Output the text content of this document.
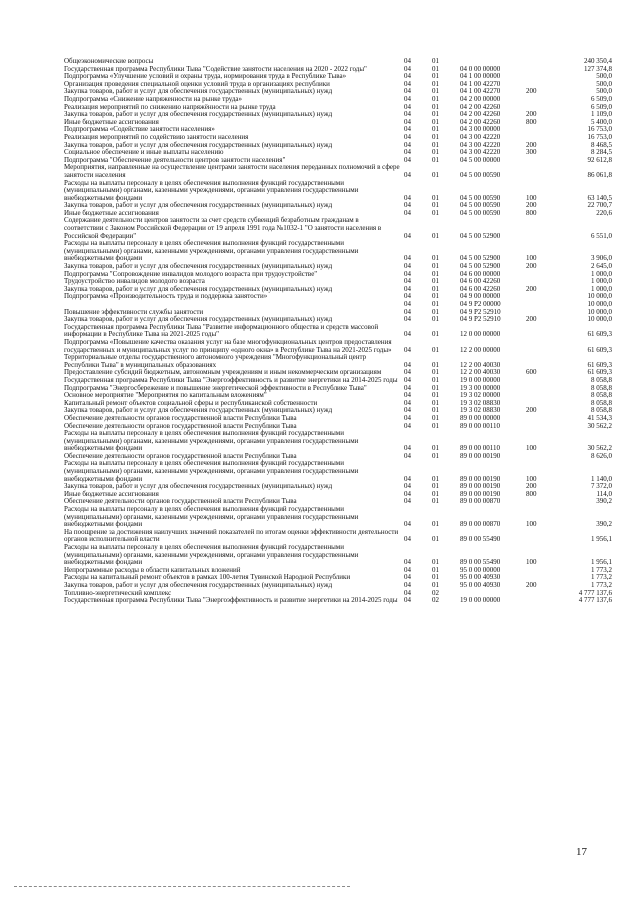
Общеэкономические вопросы	04	01	240 350,4
Государственная программа Республики Тыва "Содействие занятости населения на 2020 - 2022 годы"	04	01	04 0 00 00000	127 374,8
Подпрограмма «Улучшение условий и охраны труда, нормирования труда в Республике Тыва»	04	01	04 1 00 00000	500,0
Организация проведения специальной оценки условий труда в организациях республики	04	01	04 1 00 42270	500,0
Закупка товаров, работ и услуг для обеспечения государственных (муниципальных) нужд	04	01	04 1 00 42270	200	500,0
Подпрограмма «Снижение напряженности на рынке труда»	04	01	04 2 00 00000	6 509,0
Реализация мероприятий по снижению напряжённости на рынке труда	04	01	04 2 00 42260	6 509,0
Закупка товаров, работ и услуг для обеспечения государственных (муниципальных) нужд	04	01	04 2 00 42260	200	1 109,0
Иные бюджетные ассигнования	04	01	04 2 00 42260	800	5 400,0
Подпрограмма «Содействие занятости населения»	04	01	04 3 00 00000	16 753,0
Реализация мероприятий по содействию занятости населения	04	01	04 3 00 42220	16 753,0
Закупка товаров, работ и услуг для обеспечения государственных (муниципальных) нужд	04	01	04 3 00 42220	200	8 468,5
Социальное обеспечение и иные выплаты населению	04	01	04 3 00 42220	300	8 284,5
Подпрограмма "Обеспечение деятельности центров занятости населения"	04	01	04 5 00 00000	92 612,8
Мероприятия, направленные на осуществление центрами занятости населения переданных полномочий в сфере занятости населения	04	01	04 5 00 00590	86 061,8
Расходы на выплаты персоналу в целях обеспечения выполнения функций государственными (муниципальными) органами, казенными учреждениями, органами управления государственными внебюджетными фондами	04	01	04 5 00 00590	100	63 140,5
Закупка товаров, работ и услуг для обеспечения государственных (муниципальных) нужд	04	01	04 5 00 00590	200	22 700,7
Иные бюджетные ассигнования	04	01	04 5 00 00590	800	220,6
Содержание деятельности центров занятости за счет средств субвенций безработным гражданам в соответствии с Законом Российской Федерации от 19 апреля 1991 года №1032-1 "О занятости населения в Российской Федерации"	04	01	04 5 00 52900	6 551,0
Расходы на выплаты персоналу в целях обеспечения выполнения функций государственными (муниципальными) органами, казенными учреждениями, органами управления государственными внебюджетными фондами	04	01	04 5 00 52900	100	3 906,0
Закупка товаров, работ и услуг для обеспечения государственных (муниципальных) нужд	04	01	04 5 00 52900	200	2 645,0
Подпрограмма "Сопровождение инвалидов молодого возраста при трудоустройстве"	04	01	04 6 00 00000	1 000,0
Трудоустройство инвалидов молодого возраста	04	01	04 6 00 42260	1 000,0
Закупка товаров, работ и услуг для обеспечения государственных (муниципальных) нужд	04	01	04 6 00 42260	200	1 000,0
Подпрограмма «Производительность труда и поддержка занятости»	04	01	04 9 00 00000	10 000,0
04	01	04 9 P2 00000	10 000,0
Повышение эффективности службы занятости	04	01	04 9 P2 52910	10 000,0
Закупка товаров, работ и услуг для обеспечения государственных (муниципальных) нужд	04	01	04 9 P2 52910	200	10 000,0
Государственная программа Республики Тыва "Развитие информационного общества и средств массовой информации в Республике Тыва на 2021-2025 годы"	04	01	12 0 00 00000	61 609,3
Подпрограмма «Повышение качества оказания услуг на базе многофункциональных центров предоставления государственных и муниципальных услуг по принципу «одного окна» в Республике Тыва на 2021-2025 годы»	04	01	12 2 00 00000	61 609,3
Территориальные отделы государственного автономного учреждения "Многофункциональный центр Республики Тыва" в муниципальных образованиях	04	01	12 2 00 40030	61 609,3
Предоставление субсидий бюджетным, автономным учреждениям и иным некоммерческим организациям	04	01	12 2 00 40030	600	61 609,3
Государственная программа Республики Тыва "Энергоэффективность и развитие энергетики на 2014-2025 годы 04	01	19 0 00 00000	8 058,8
Подпрограмма "Энергосбережение и повышение энергетической эффективности в Республике Тыва"	04	01	19 3 00 00000	8 058,8
Основное мероприятие "Мероприятия по капитальным вложениям"	04	01	19 3 02 00000	8 058,8
Капитальный ремонт объектов социальной сферы и республиканской собственности	04	01	19 3 02 08830	8 058,8
Закупка товаров, работ и услуг для обеспечения государственных (муниципальных) нужд	04	01	19 3 02 08830	200	8 058,8
Обеспечение деятельности органов государственной власти Республики Тыва	04	01	89 0 00 00000	41 534,3
Обеспечение деятельности органов государственной власти Республики Тыва	04	01	89 0 00 00110	30 562,2
Расходы на выплаты персоналу в целях обеспечения выполнения функций государственными (муниципальными) органами, казенными учреждениями, органами управления государственными внебюджетными фондами	04	01	89 0 00 00110	100	30 562,2
Обеспечение деятельности органов государственной власти Республики Тыва	04	01	89 0 00 00190	8 626,0
Расходы на выплаты персоналу в целях обеспечения выполнения функций государственными (муниципальными) органами, казенными учреждениями, органами управления государственными внебюджетными фондами	04	01	89 0 00 00190	100	1 140,0
Закупка товаров, работ и услуг для обеспечения государственных (муниципальных) нужд	04	01	89 0 00 00190	200	7 372,0
Иные бюджетные ассигнования	04	01	89 0 00 00190	800	114,0
Обеспечение деятельности органов государственной власти Республики Тыва	04	01	89 0 00 00870	390,2
Расходы на выплаты персоналу в целях обеспечения выполнения функций государственными (муниципальными) органами, казенными учреждениями, органами управления государственными внебюджетными фондами	04	01	89 0 00 00870	100	390,2
На поощрение за достижения наилучших значений показателей по итогам оценки эффективности деятельности органов исполнительной власти	04	01	89 0 00 55490	1 956,1
Расходы на выплаты персоналу в целях обеспечения выполнения функций государственными (муниципальными) органами, казенными учреждениями, органами управления государственными внебюджетными фондами	04	01	89 0 00 55490	100	1 956,1
Непрограммные расходы в области капитальных вложений	04	01	95 0 00 00000	1 773,2
Расходы на капитальный ремонт объектов в рамках 100-летия Тувинской Народной Республики	04	01	95 0 00 40930	1 773,2
Закупка товаров, работ и услуг для обеспечения государственных (муниципальных) нужд	04	01	95 0 00 40930	200	1 773,2
Топливно-энергетический комплекс	04	02	4 777 137,6
Государственная программа Республики Тыва "Энергоэффективность и развитие энергетики на 2014-2025 годы 04	02	19 0 00 00000	4 777 137,6
17
